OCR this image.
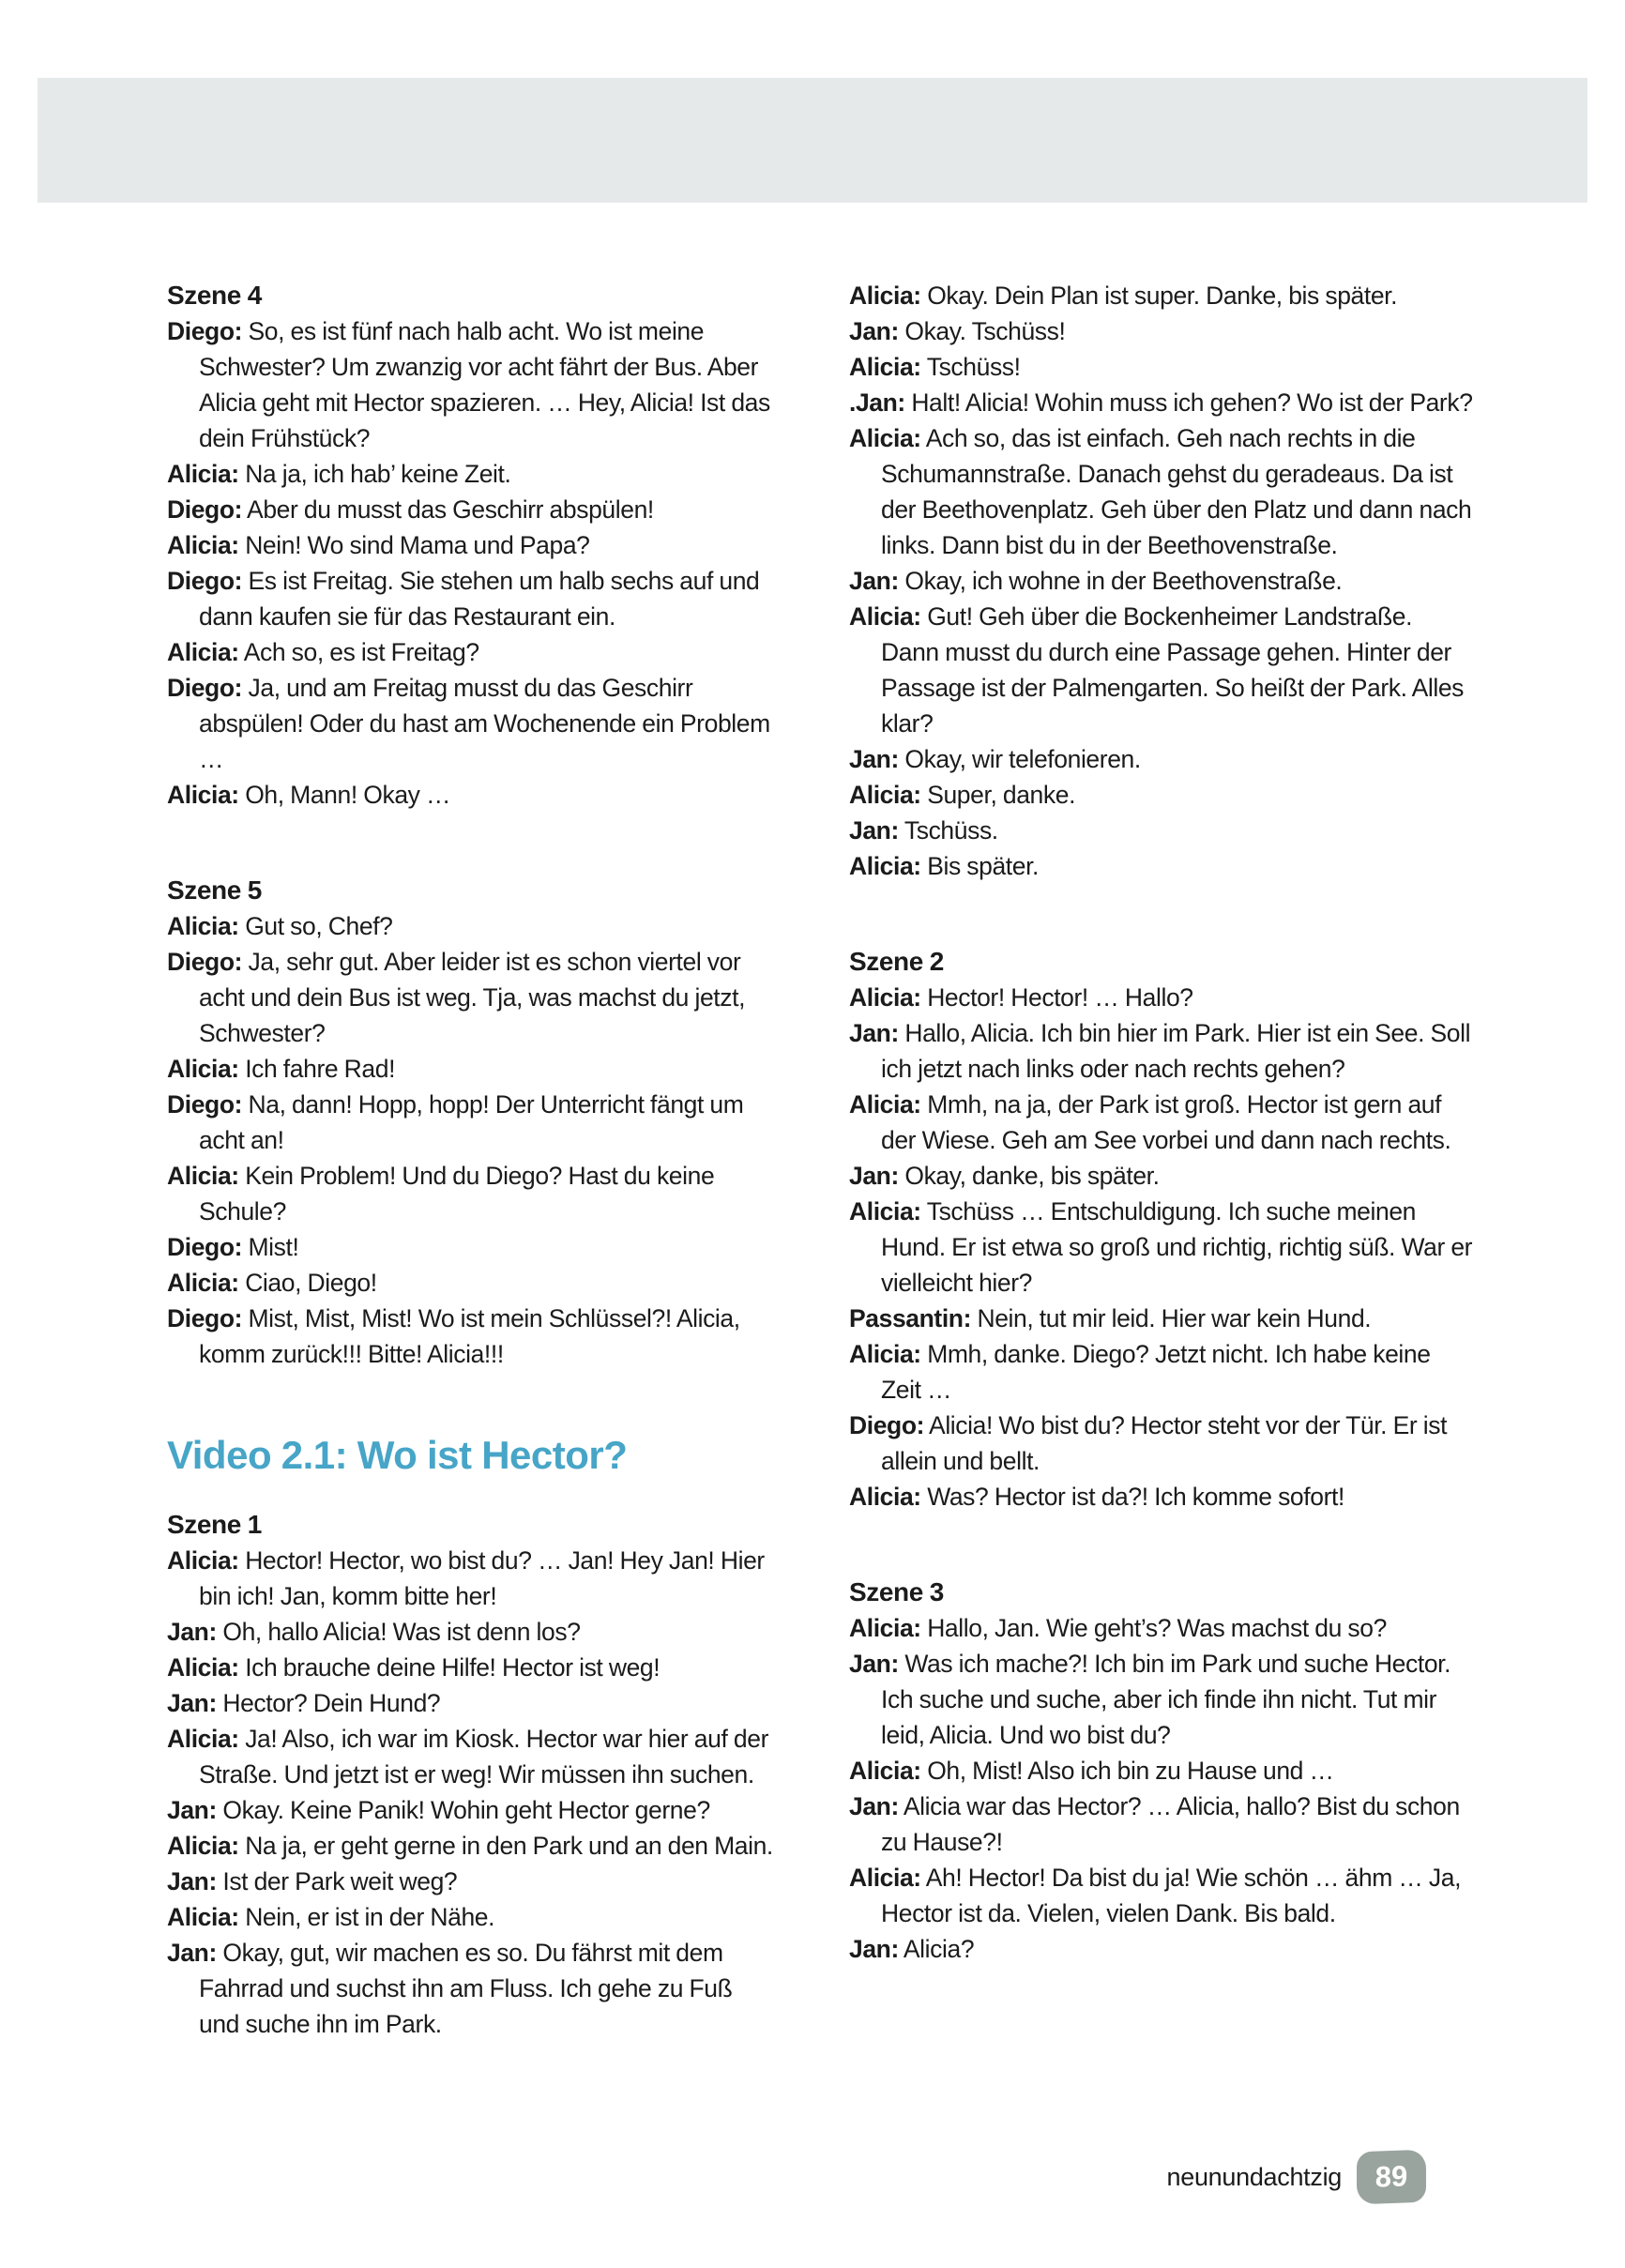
Szene 4

Diego: So, es ist fünf nach halb acht. Wo ist meine Schwester? Um zwanzig vor acht fährt der Bus. Aber Alicia geht mit Hector spazieren. … Hey, Alicia! Ist das dein Frühstück?

Alicia: Na ja, ich hab’ keine Zeit.

Diego: Aber du musst das Geschirr abspülen!

Alicia: Nein! Wo sind Mama und Papa?

Diego: Es ist Freitag. Sie stehen um halb sechs auf und dann kaufen sie für das Restaurant ein.

Alicia: Ach so, es ist Freitag?

Diego: Ja, und am Freitag musst du das Geschirr abspülen! Oder du hast am Wochenende ein Problem …

Alicia: Oh, Mann! Okay …

Szene 5

Alicia: Gut so, Chef?

Diego: Ja, sehr gut. Aber leider ist es schon viertel vor acht und dein Bus ist weg. Tja, was machst du jetzt, Schwester?

Alicia: Ich fahre Rad!

Diego: Na, dann! Hopp, hopp! Der Unterricht fängt um acht an!

Alicia: Kein Problem! Und du Diego? Hast du keine Schule?

Diego: Mist!

Alicia: Ciao, Diego!

Diego: Mist, Mist, Mist! Wo ist mein Schlüssel?! Alicia, komm zurück!!! Bitte! Alicia!!!

Video 2.1: Wo ist Hector?
Szene 1

Alicia: Hector! Hector, wo bist du? … Jan! Hey Jan! Hier bin ich! Jan, komm bitte her!

Jan: Oh, hallo Alicia! Was ist denn los?

Alicia: Ich brauche deine Hilfe! Hector ist weg!

Jan: Hector? Dein Hund?

Alicia: Ja! Also, ich war im Kiosk. Hector war hier auf der Straße. Und jetzt ist er weg! Wir müssen ihn suchen.

Jan: Okay. Keine Panik! Wohin geht Hector gerne?

Alicia: Na ja, er geht gerne in den Park und an den Main.

Jan: Ist der Park weit weg?

Alicia: Nein, er ist in der Nähe.

Jan: Okay, gut, wir machen es so. Du fährst mit dem Fahrrad und suchst ihn am Fluss. Ich gehe zu Fuß und suche ihn im Park.

Alicia: Okay. Dein Plan ist super. Danke, bis später.

Jan: Okay. Tschüss!

Alicia: Tschüss!

.Jan: Halt! Alicia! Wohin muss ich gehen? Wo ist der Park?

Alicia: Ach so, das ist einfach. Geh nach rechts in die Schumannstraße. Danach gehst du geradeaus. Da ist der Beethovenplatz. Geh über den Platz und dann nach links. Dann bist du in der Beethovenstraße.

Jan: Okay, ich wohne in der Beethovenstraße.

Alicia: Gut! Geh über die Bockenheimer Landstraße. Dann musst du durch eine Passage gehen. Hinter der Passage ist der Palmengarten. So heißt der Park. Alles klar?

Jan: Okay, wir telefonieren.

Alicia: Super, danke.

Jan: Tschüss.

Alicia: Bis später.

Szene 2

Alicia: Hector! Hector! … Hallo?

Jan: Hallo, Alicia. Ich bin hier im Park. Hier ist ein See. Soll ich jetzt nach links oder nach rechts gehen?

Alicia: Mmh, na ja, der Park ist groß. Hector ist gern auf der Wiese. Geh am See vorbei und dann nach rechts.

Jan: Okay, danke, bis später.

Alicia: Tschüss … Entschuldigung. Ich suche meinen Hund. Er ist etwa so groß und richtig, richtig süß. War er vielleicht hier?

Passantin: Nein, tut mir leid. Hier war kein Hund.

Alicia: Mmh, danke. Diego? Jetzt nicht. Ich habe keine Zeit …

Diego: Alicia! Wo bist du? Hector steht vor der Tür. Er ist allein und bellt.

Alicia: Was? Hector ist da?! Ich komme sofort!

Szene 3

Alicia: Hallo, Jan. Wie geht’s? Was machst du so?

Jan: Was ich mache?! Ich bin im Park und suche Hector. Ich suche und suche, aber ich finde ihn nicht. Tut mir leid, Alicia. Und wo bist du?

Alicia: Oh, Mist! Also ich bin zu Hause und …

Jan: Alicia war das Hector? … Alicia, hallo? Bist du schon zu Hause?!

Alicia: Ah! Hector! Da bist du ja! Wie schön … ähm … Ja, Hector ist da. Vielen, vielen Dank. Bis bald.

Jan: Alicia?

neunundachtzig	89
